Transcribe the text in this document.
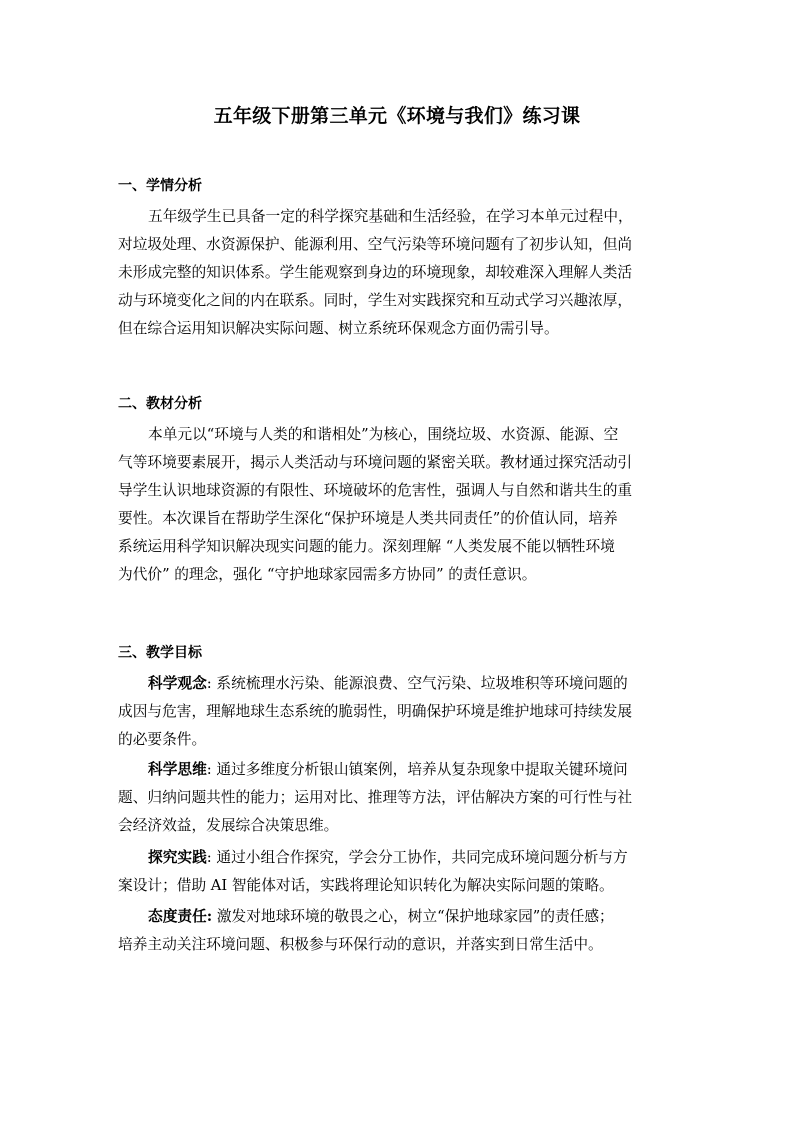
五年级下册第三单元《环境与我们》练习课
一、学情分析
五年级学生已具备一定的科学探究基础和生活经验，在学习本单元过程中，
对垃圾处理、水资源保护、能源利用、空气污染等环境问题有了初步认知，但尚
未形成完整的知识体系。学生能观察到身边的环境现象，却较难深入理解人类活
动与环境变化之间的内在联系。同时，学生对实践探究和互动式学习兴趣浓厚，
但在综合运用知识解决实际问题、树立系统环保观念方面仍需引导。
二、教材分析
本单元以“环境与人类的和谐相处”为核心，围绕垃圾、水资源、能源、空
气等环境要素展开，揭示人类活动与环境问题的紧密关联。教材通过探究活动引
导学生认识地球资源的有限性、环境破坏的危害性，强调人与自然和谐共生的重
要性。本次课旨在帮助学生深化“保护环境是人类共同责任”的价值认同，培养
系统运用科学知识解决现实问题的能力。深刻理解 “人类发展不能以牺牲环境
为代价” 的理念，强化 “守护地球家园需多方协同” 的责任意识。
三、教学目标
科学观念: 系统梳理水污染、能源浪费、空气污染、垃圾堆积等环境问题的
成因与危害，理解地球生态系统的脆弱性，明确保护环境是维护地球可持续发展
的必要条件。
科学思维: 通过多维度分析银山镇案例，培养从复杂现象中提取关键环境问
题、归纳问题共性的能力；运用对比、推理等方法，评估解决方案的可行性与社
会经济效益，发展综合决策思维。
探究实践: 通过小组合作探究，学会分工协作，共同完成环境问题分析与方
案设计；借助 AI 智能体对话，实践将理论知识转化为解决实际问题的策略。
态度责任: 激发对地球环境的敬畏之心，树立“保护地球家园”的责任感；
培养主动关注环境问题、积极参与环保行动的意识，并落实到日常生活中。
